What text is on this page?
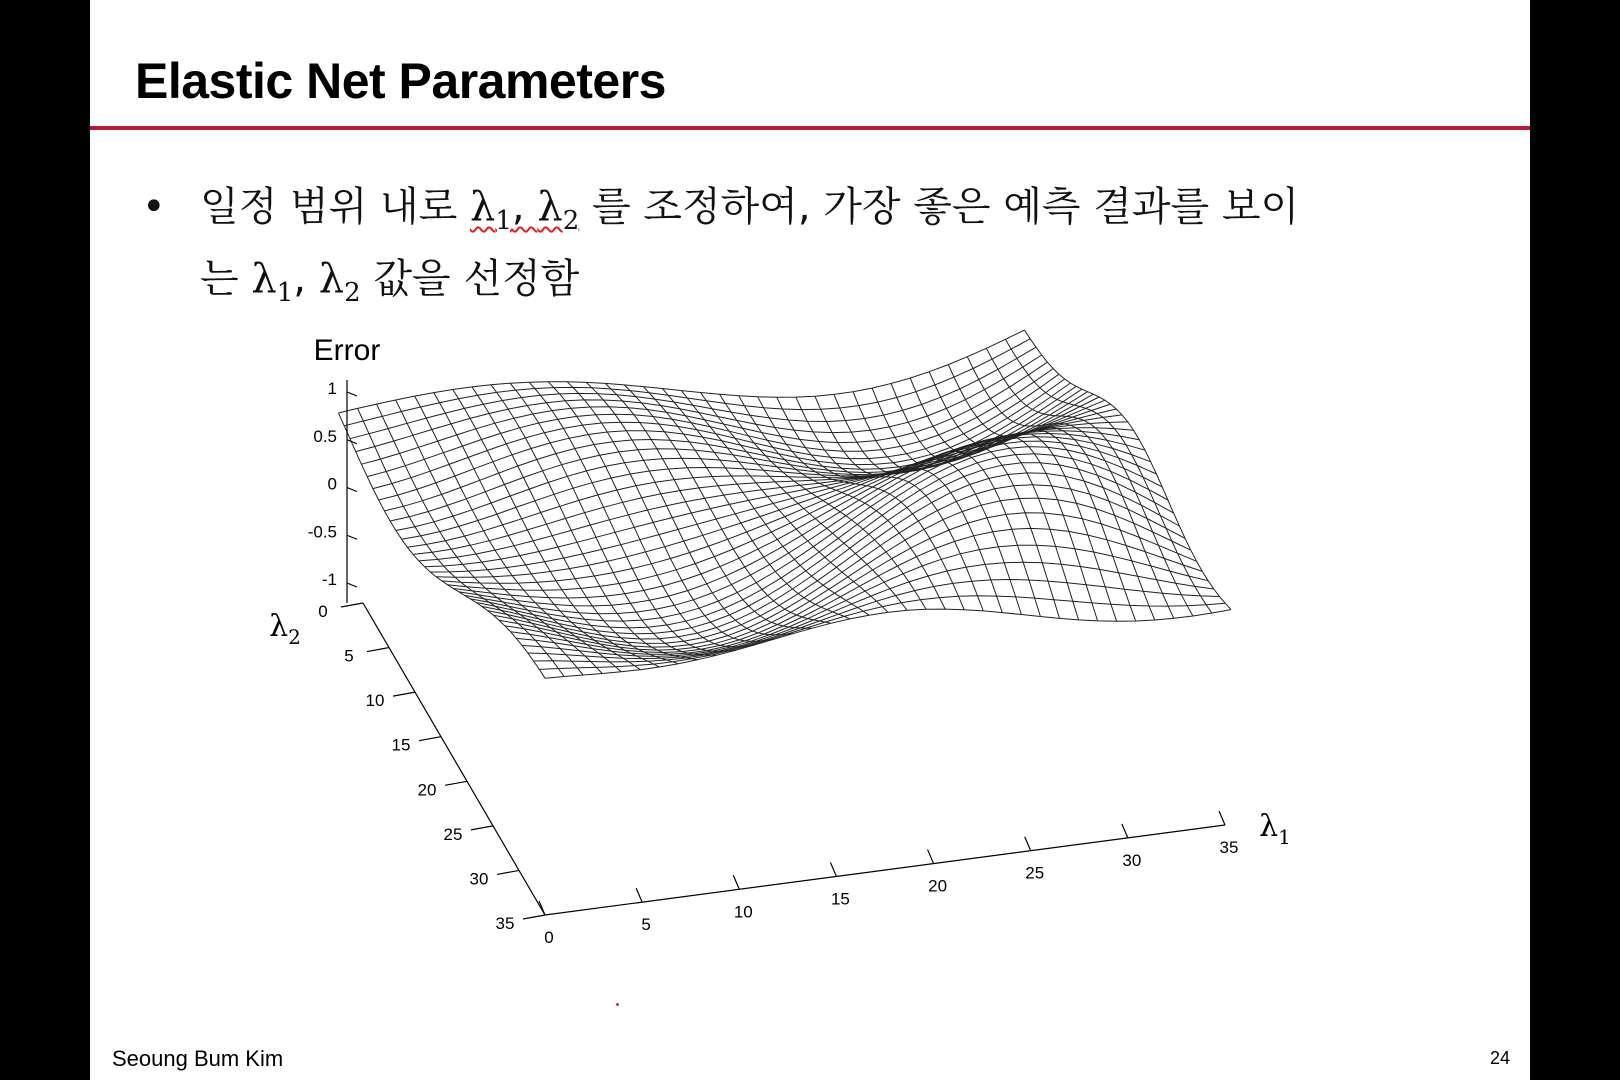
Elastic Net Parameters
• 일정 범위 내로 $\lambda_1$, $\lambda_2$ 를 조정하여, 가장 좋은 예측 결과를 보이
는 $\lambda_1$, $\lambda_2$ 값을 선정함
0
5
10
15
20
25
30
35
0
5
10
15
20
25
30
35
1
0.5
0
-0.5
-1
Error
$\lambda_2$
$\lambda_1$
Seoung Bum Kim	24
